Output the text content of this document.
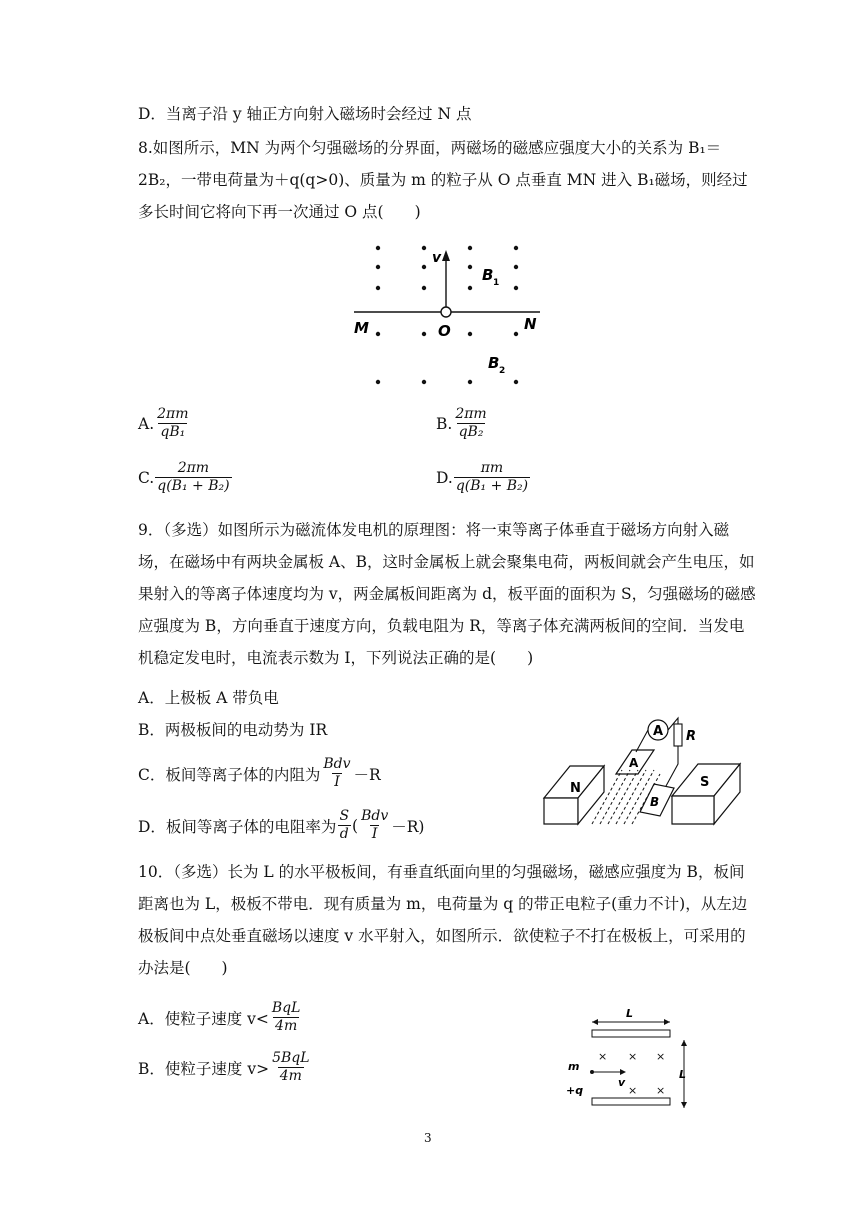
D．当离子沿 y 轴正方向射入磁场时会经过 N 点
8.如图所示，MN 为两个匀强磁场的分界面，两磁场的磁感应强度大小的关系为 B₁＝2B₂，一带电荷量为＋q(q>0)、质量为 m 的粒子从 O 点垂直 MN 进入 B₁磁场，则经过多长时间它将向下再一次通过 O 点(　　)
v
B 1
B 2
M	O	N
A. $\frac{2\pi m}{\text{qB₁}}$	B. $\frac{2\pi m}{\text{qB₂}}$
C. $\frac{2\pi m}{\text{q(B₁ + B₂)}}$	D. $\frac{\pi m}{\text{q(B₁ + B₂)}}$
9．（多选）如图所示为磁流体发电机的原理图：将一束等离子体垂直于磁场方向射入磁场，在磁场中有两块金属板 A、B，这时金属板上就会聚集电荷，两板间就会产生电压，如果射入的等离子体速度均为 v，两金属板间距离为 d，板平面的面积为 S，匀强磁场的磁感应强度为 B，方向垂直于速度方向，负载电阻为 R，等离子体充满两板间的空间．当发电机稳定发电时，电流表示数为 I，下列说法正确的是(　　)
A．上极板 A 带负电
B．两极板间的电动势为 IR
C．板间等离子体的内阻为 $\frac{\text{Bdv}}{I} -R$
D．板间等离子体的电阻率为 $\frac{S}{d}$ ( $\frac{\text{Bdv}}{I} -R$)
N	S
A
B
A R
10．（多选）长为 L 的水平极板间，有垂直纸面向里的匀强磁场，磁感应强度为 B，板间距离也为 L，极板不带电．现有质量为 m，电荷量为 q 的带正电粒子(重力不计)，从左边极板间中点处垂直磁场以速度 v 水平射入，如图所示．欲使粒子不打在极板上，可采用的办法是(　　)
A．使粒子速度 $v< \frac{\text{BqL}}{4m}$
B．使粒子速度 $v> \frac{\text{5BqL}}{4m}$
L
L
× × ×
× ×
m
v
+q
3
